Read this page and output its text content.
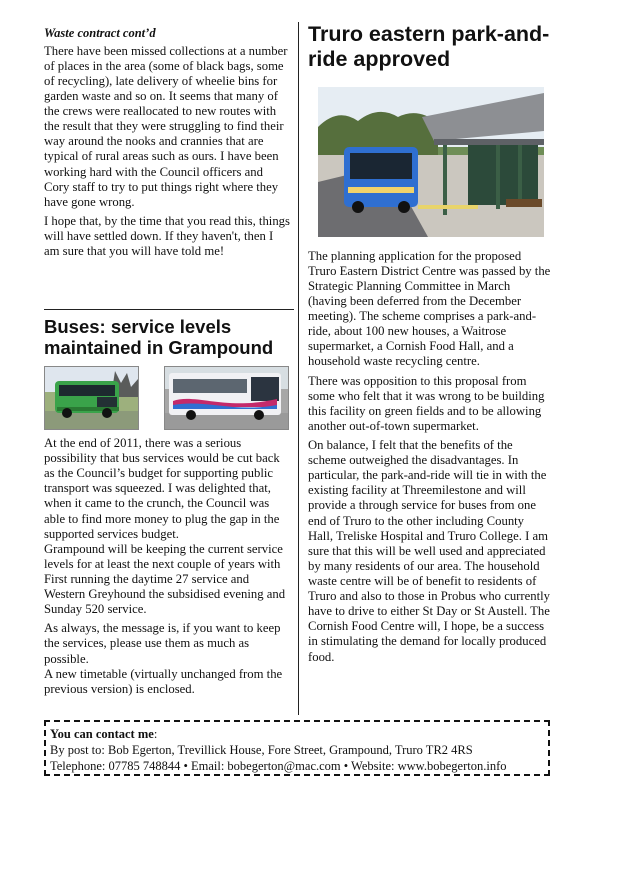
Waste contract cont’d

There have been missed collections at a number of places in the area (some of black bags, some of recycling), late delivery of wheelie bins for garden waste and so on. It seems that many of the crews were reallocated to new routes with the result that they were struggling to find their way around the nooks and crannies that are typical of rural areas such as ours. I have been working hard with the Council officers and Cory staff to try to put things right where they have gone wrong.

I hope that, by the time that you read this, things will have settled down. If they haven't, then I am sure that you will have told me!

Buses: service levels maintained in Grampound

At the end of 2011, there was a serious possibility that bus services would be cut back as the Council’s budget for supporting public transport was squeezed. I was delighted that, when it came to the crunch, the Council was able to find more money to plug the gap in the supported services budget.

Grampound will be keeping the current service levels for at least the next couple of years with First running the daytime 27 service and Western Greyhound the subsidised evening and Sunday 520 service.

As always, the message is, if you want to keep the services, please use them as much as possible.

A new timetable (virtually unchanged from the previous version) is enclosed.

Truro eastern park-and-ride approved

The planning application for the proposed Truro Eastern District Centre was passed by the Strategic Planning Committee in March (having been deferred from the December meeting). The scheme comprises a park-and-ride, about 100 new houses, a Waitrose supermarket, a Cornish Food Hall, and a household waste recycling centre.

There was opposition to this proposal from some who felt that it was wrong to be building this facility on green fields and to be allowing another out-of-town supermarket.

On balance, I felt that the benefits of the scheme outweighed the disadvantages. In particular, the park-and-ride will tie in with the existing facility at Threemilestone and will provide a through service for buses from one end of Truro to the other including County Hall, Treliske Hospital and Truro College. I am sure that this will be well used and appreciated by many residents of our area. The household waste centre will be of benefit to residents of Truro and also to those in Probus who currently have to drive to either St Day or St Austell. The Cornish Food Centre will, I hope, be a success in stimulating the demand for locally produced food.

You can contact me:
By post to: Bob Egerton, Trevillick House, Fore Street, Grampound, Truro TR2 4RS
Telephone: 07785 748844 • Email: bobegerton@mac.com • Website: www.bobegerton.info
